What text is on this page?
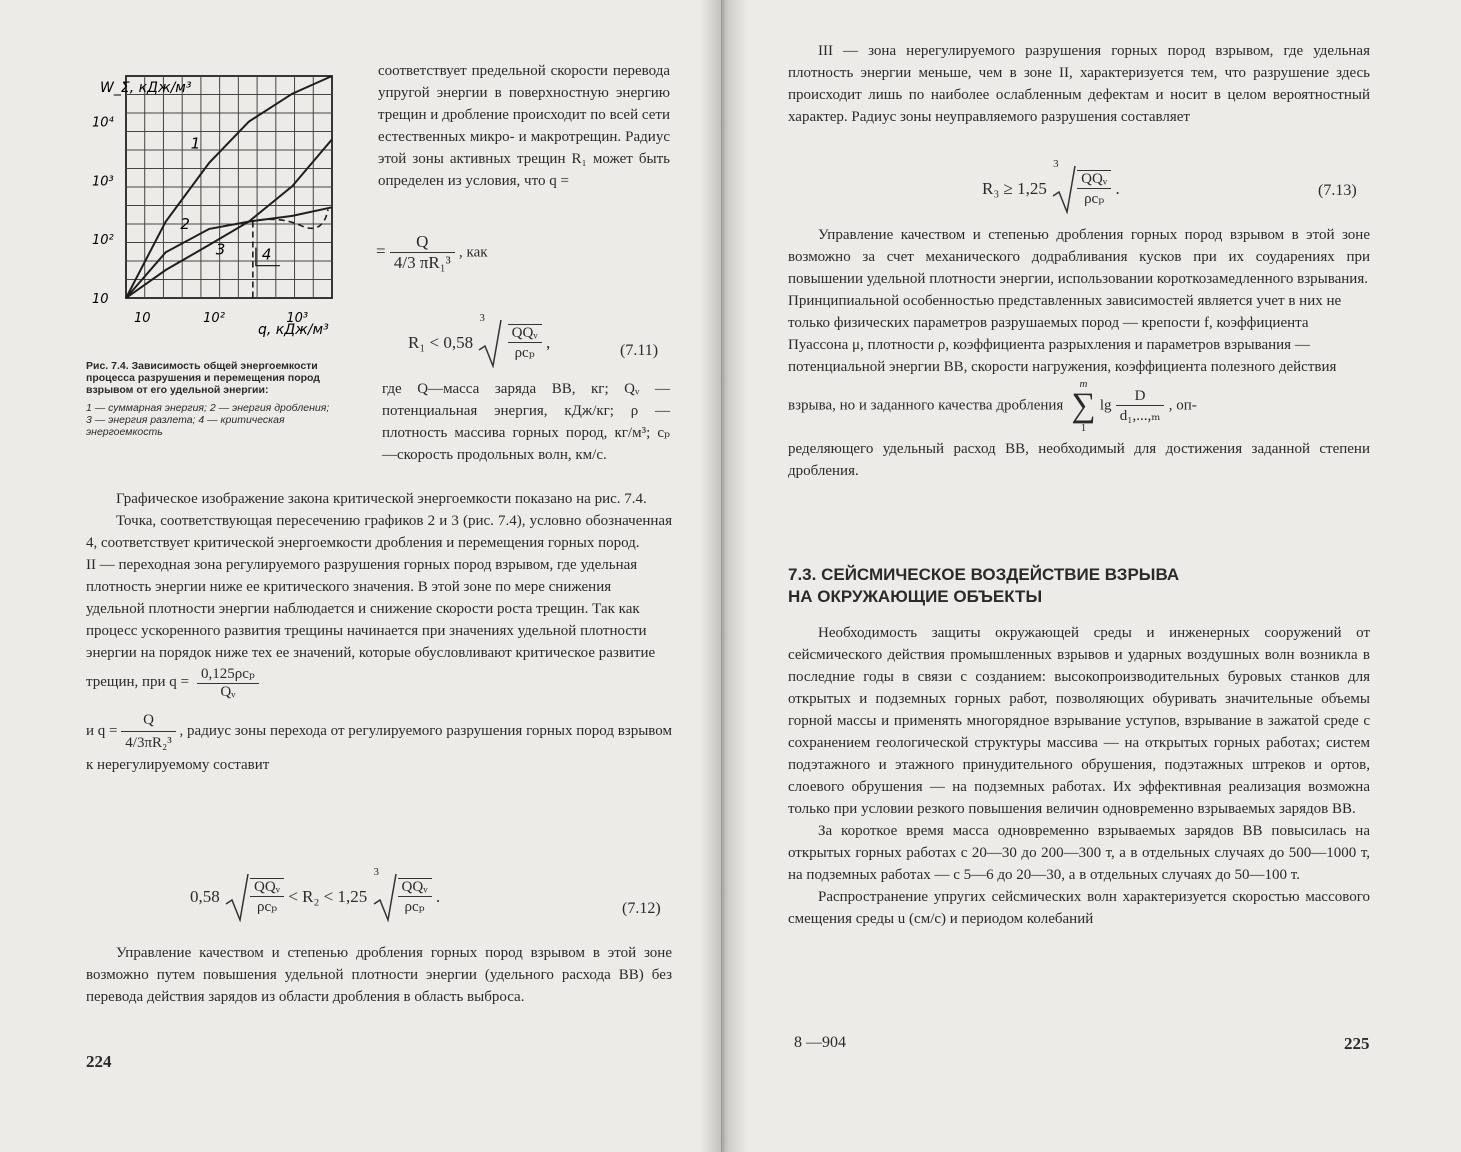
W_Σ, кДж/м³
q, кДж/м³
10
10²
10³
10⁴
10	10²	10³
1
2
3 4

Рис. 7.4. Зависимость общей энергоемкости процесса разрушения и перемещения пород взрывом от его удельной энергии:

1 — суммарная энергия; 2 — энергия дробления; 3 — энергия разлета; 4 — критическая энергоемкость

соответствует предельной скорости перевода упругой энергии в поверхностную энергию трещин и дробление происходит по всей сети естественных микро- и макротрещин. Радиус этой зоны активных трещин R₁ может быть определен из условия, что q =

= $\frac{Q}{\text{4/3 πR₁³}}$ , как
R₁ < 0,58
3

$\frac{\text{QQᵥ}}{\text{ρcₚ}}$ ,	(7.11)

где Q—масса заряда ВВ, кг; Qᵥ — потенциальная энергия, кДж/кг; ρ — плотность массива горных пород, кг/м³; cₚ —скорость продольных волн, км/с.

Графическое изображение закона критической энергоемкости показано на рис. 7.4.

Точка, соответствующая пересечению графиков 2 и 3 (рис. 7.4), условно обозначенная 4, соответствует критической энергоемкости дробления и перемещения горных пород.

II — переходная зона регулируемого разрушения горных пород взрывом, где удельная плотность энергии ниже ее критического значения. В этой зоне по мере снижения удельной плотности энергии наблюдается и снижение скорости роста трещин. Так как процесс ускоренного развития трещины начинается при значениях удельной плотности энергии на порядок ниже тех ее значений, которые обусловливают критическое развитие трещин, при q =

$\frac{\text{0,125ρcₚ}}{\text{Qᵥ}}$
и $q = \frac{Q}{\text{4/3πR₂³}}$ , радиус зоны перехода от регулируемого разрушения горных пород взрывом к нерегулируемому составит
$0,58 \frac{\text{QQᵥ}}{\text{ρcₚ}} < R_2 < 1,25$
3
$\frac{\text{QQᵥ}}{\text{ρcₚ}}$ .
(7.12)

Управление качеством и степенью дробления горных пород взрывом в этой зоне возможно путем повышения удельной плотности энергии (удельного расхода ВВ) без перевода действия зарядов из области дробления в область выброса.

224

III — зона нерегулируемого разрушения горных пород взрывом, где удельная плотность энергии меньше, чем в зоне II, характеризуется тем, что разрушение здесь происходит лишь по наиболее ослабленным дефектам и носит в целом вероятностный характер. Радиус зоны неуправляемого разрушения составляет

R₃ ≥ 1,25
3
$\frac{\text{QQᵥ}}{\text{ρcₚ}}$ .	(7.13)

Управление качеством и степенью дробления горных пород взрывом в этой зоне возможно за счет механического додрабливания кусков при их соударениях при повышении удельной плотности энергии, использовании короткозамедленного взрывания.

Принципиальной особенностью представленных зависимостей является учет в них не только физических параметров разрушаемых пород — крепости f, коэффициента Пуассона μ, плотности ρ, коэффициента разрыхления и параметров взрывания — потенциальной энергии ВВ, скорости нагружения, коэффициента полезного действия взрыва, но и заданного качества дробления

m
∑
1
$\lg \frac{D}{\text{d₁,...,ₘ}}$ , оп-

ределяющего удельный расход ВВ, необходимый для достижения заданной степени дробления.

7.3. СЕЙСМИЧЕСКОЕ ВОЗДЕЙСТВИЕ ВЗРЫВА

НА ОКРУЖАЮЩИЕ ОБЪЕКТЫ

Необходимость защиты окружающей среды и инженерных сооружений от сейсмического действия промышленных взрывов и ударных воздушных волн возникла в последние годы в связи с созданием: высокопроизводительных буровых станков для открытых и подземных горных работ, позволяющих обуривать значительные объемы горной массы и применять многорядное взрывание уступов, взрывание в зажатой среде с сохранением геологической структуры массива — на открытых горных работах; систем подэтажного и этажного принудительного обрушения, подэтажных штреков и ортов, слоевого обрушения — на подземных работах. Их эффективная реализация возможна только при условии резкого повышения величин одновременно взрываемых зарядов ВВ.

За короткое время масса одновременно взрываемых зарядов ВВ повысилась на открытых горных работах с 20—30 до 200—300 т, а в отдельных случаях до 500—1000 т, на подземных работах — с 5—6 до 20—30, а в отдельных случаях до 50—100 т.

Распространение упругих сейсмических волн характеризуется скоростью массового смещения среды u (см/с) и периодом колебаний

8 —904	225
